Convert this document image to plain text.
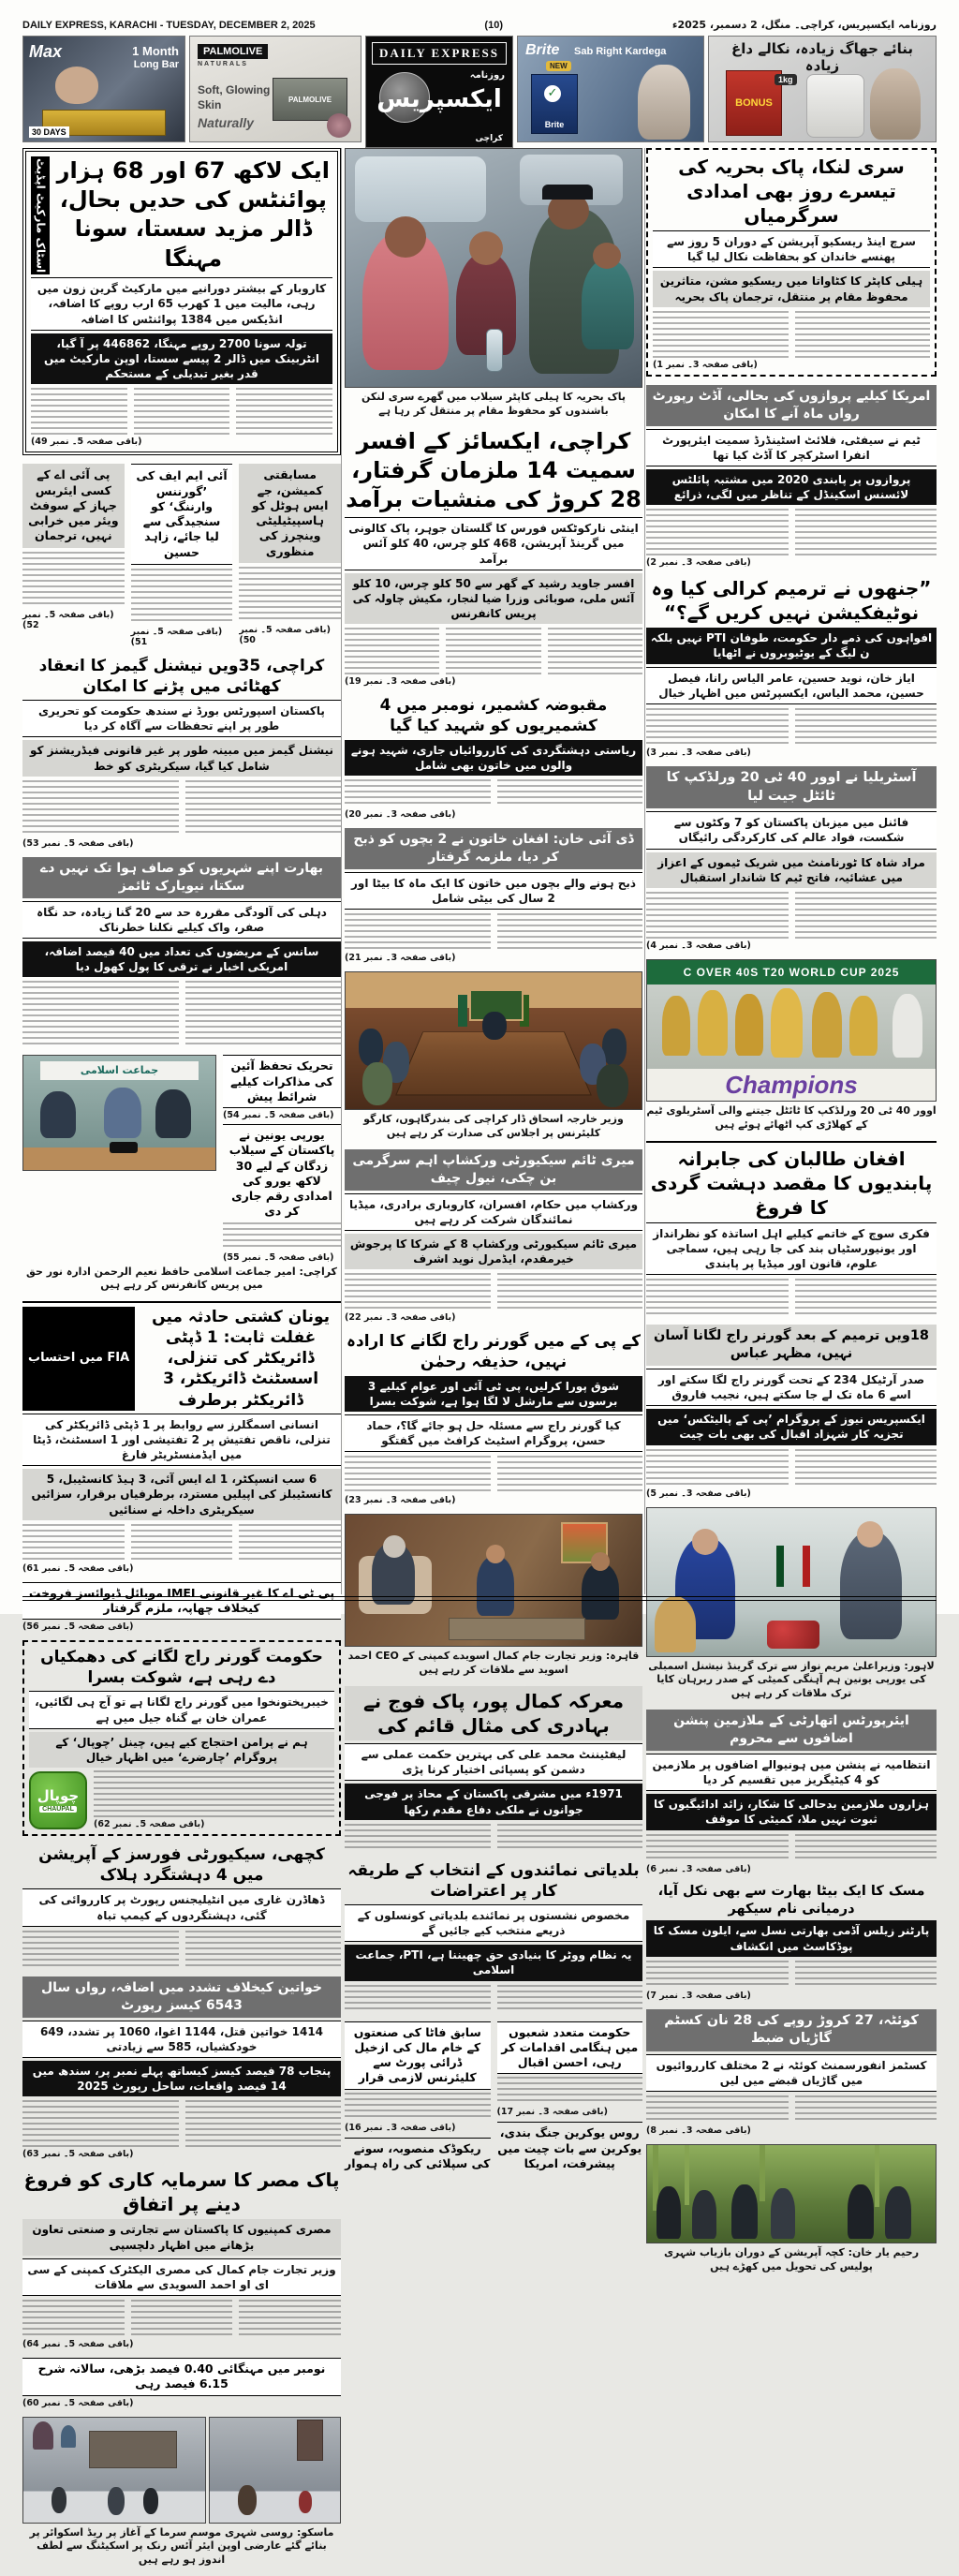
DAILY EXPRESS, KARACHI - TUESDAY, DECEMBER 2, 2025	(10)	روزنامہ ایکسپریس، کراچی۔ منگل، 2 دسمبر، 2025ء
Max	1 Month
Long Bar
30 DAYS
PALMOLIVE
NATURALS
Soft, Glowing
Skin
Naturally
PALMOLIVE
DAILY EXPRESS
روزنامہ
ایکسپریس
کراچی
Brite Sab Right Kardega
NEW
Brite
✓
بنائے جھاگ زیادہ، نکالے داغ زیادہ
BONUS
1kg
اسٹاک مارکیٹ اپڈیٹ ایک لاکھ 67 اور 68 ہزار پوائنٹس کی حدیں بحال، ڈالر مزید سستا، سونا مہنگا
کاروبار کے بیشتر دورانیے میں مارکیٹ گرین زون میں رہی، مالیت میں 1 کھرب 65 ارب روپے کا اضافہ، انڈیکس میں 1384 پوائنٹس کا اضافہ
تولہ سونا 2700 روپے مہنگا، 446862 پر آ گیا، انٹربینک میں ڈالر 2 پیسے سستا، اوپن مارکیٹ میں قدر بغیر تبدیلی کے مستحکم
(باقی صفحہ 5۔ نمبر 49)
پی آئی اے کے کسی ایئربس جہاز کے سوفٹ ویئر میں خرابی نہیں، ترجمان
(باقی صفحہ 5۔ نمبر 52)
آئی ایم ایف کی ’گورننس وارننگ‘ کو سنجیدگی سے لیا جائے، زاہد حسین
(باقی صفحہ 5۔ نمبر 51)
مسابقتی کمیشن، جے ایس ہوٹل کو ہاسپیٹیلیٹی وینچرز کی منظوری
(باقی صفحہ 5۔ نمبر 50)
کراچی، 35ویں نیشنل گیمز کا انعقاد کھٹائی میں پڑنے کا امکان
پاکستان اسپورٹس بورڈ نے سندھ حکومت کو تحریری طور پر اپنے تحفظات سے آگاہ کر دیا
نیشنل گیمز میں مبینہ طور پر غیر قانونی فیڈریشنز کو شامل کیا گیا، سیکریٹری کو خط
(باقی صفحہ 5۔ نمبر 53)
بھارت اپنے شہریوں کو صاف ہوا تک نہیں دے سکتا، نیویارک ٹائمز
دہلی کی آلودگی مقررہ حد سے 20 گنا زیادہ، حد نگاہ صفر، واک کیلیے نکلنا خطرناک
سانس کے مریضوں کی تعداد میں 40 فیصد اضافہ، امریکی اخبار نے ترقی کا پول کھول دیا
جماعت اسلامی	تحریک تحفظ آئین کی مذاکرات کیلیے شرائط پیش
(باقی صفحہ 5۔ نمبر 54)
یورپی یونین نے پاکستان کے سیلاب زدگان کے لیے 30 لاکھ یورو کی امدادی رقم جاری کر دی
(باقی صفحہ 5۔ نمبر 55)
کراچی: امیر جماعت اسلامی حافظ نعیم الرحمن ادارہ نور حق میں پریس کانفرنس کر رہے ہیں
FIA میں احتساب
یونان کشتی حادثہ میں غفلت ثابت: 1 ڈپٹی ڈائریکٹر کی تنزلی، اسسٹنٹ ڈائریکٹر، 3 ڈائریکٹر برطرف
انسانی اسمگلرز سے روابط پر 1 ڈپٹی ڈائریکٹر کی تنزلی، ناقص تفتیش پر 2 تفتیشی اور 1 اسسٹنٹ، ڈیٹا میں ایڈمنسٹریٹر فارغ
6 سب انسپکٹر، 1 اے ایس آئی، 3 ہیڈ کانسٹیبل، 5 کانسٹیبلز کی اپیلیں مسترد، برطرفیاں برقرار، سزائیں سیکریٹری داخلہ نے سنائیں
(باقی صفحہ 5۔ نمبر 61)
پی ٹی اے کا غیر قانونی IMEI موبائل ڈیوائسز فروخت کیخلاف چھاپہ، ملزم گرفتار
(باقی صفحہ 5۔ نمبر 56)
حکومت گورنر راج لگانے کی دھمکیاں دے رہی ہے، شوکت بسرا
خیبرپختونخوا میں گورنر راج لگانا ہے تو آج ہی لگائیں، عمران خان بے گناہ جیل میں ہے
ہم نے پرامن احتجاج کیے ہیں، چینل ’چوپال‘ کے پروگرام ’چارضرے‘ میں اظہار خیال
چوپال
CHAUPAL
(باقی صفحہ 5۔ نمبر 62)
کچھی، سیکیورٹی فورسز کے آپریشن میں 4 دہشتگرد ہلاک
ڈھاڈرن غاری میں انٹیلیجنس رپورٹ پر کارروائی کی گئی، دہشتگردوں کے کیمپ تباہ
خواتین کیخلاف تشدد میں اضافہ، رواں سال 6543 کیسز رپورٹ
1414 خواتین قتل، 1144 اغوا، 1060 پر تشدد، 649 خودکشیاں، 585 سے زیادتی
پنجاب 78 فیصد کیسز کیساتھ پہلے نمبر پر، سندھ میں 14 فیصد واقعات، ساحل رپورٹ 2025
(باقی صفحہ 5۔ نمبر 63)
پاک مصر کا سرمایہ کاری کو فروغ دینے پر اتفاق
مصری کمپنیوں کا پاکستان سے تجارتی و صنعتی تعاون بڑھانے میں اظہار دلچسپی
وزیر تجارت جام کمال کی مصری الیکٹرک کمپنی کے سی ای او احمد السویدی سے ملاقات
(باقی صفحہ 5۔ نمبر 64)
نومبر میں مہنگائی 0.40 فیصد بڑھی، سالانہ شرح 6.15 فیصد رہی
(باقی صفحہ 5۔ نمبر 60)
ماسکو: روسی شہری موسم سرما کے آغاز پر ریڈ اسکوائر پر بنائے گئے عارضی اوپن ایئر آئس رنک پر اسکیٹنگ سے لطف اندوز ہو رہے ہیں
پاک بحریہ کا ہیلی کاپٹر سیلاب میں گھرے سری لنکن باشندوں کو محفوظ مقام پر منتقل کر رہا ہے
کراچی، ایکسائز کے افسر سمیت 14 ملزمان گرفتار، 28 کروڑ کی منشیات برآمد
اینٹی نارکوٹکس فورس کا گلستان جوہر، پاک کالونی میں گرینڈ آپریشن، 468 کلو چرس، 40 کلو آئس برآمد
افسر جاوید رشید کے گھر سے 50 کلو چرس، 10 کلو آئس ملی، صوبائی وزرا ضیا لنجار، مکیش چاولہ کی پریس کانفرنس
(باقی صفحہ 3۔ نمبر 19)
مقبوضہ کشمیر، نومبر میں 4 کشمیریوں کو شہید کیا گیا
ریاستی دہشتگردی کی کارروائیاں جاری، شہید ہونے والوں میں خاتون بھی شامل
(باقی صفحہ 3۔ نمبر 20)
ڈی آئی خان: افغان خاتون نے 2 بچوں کو ذبح کر دیا، ملزمہ گرفتار
ذبح ہونے والے بچوں میں خاتون کا ایک ماہ کا بیٹا اور 2 سال کی بیٹی شامل
(باقی صفحہ 3۔ نمبر 21)
وزیر خارجہ اسحاق ڈار کراچی کی بندرگاہوں، کارگو کلیئرنس پر اجلاس کی صدارت کر رہے ہیں
میری ٹائم سیکیورٹی ورکشاپ اہم سرگرمی بن چکی، نیول چیف
ورکشاپ میں حکام، افسران، کاروباری برادری، میڈیا نمائندگان شرکت کر رہے ہیں
میری ٹائم سیکیورٹی ورکشاپ 8 کے شرکا کا پرجوش خیرمقدم، ایڈمرل نوید اشرف
(باقی صفحہ 3۔ نمبر 22)
کے پی کے میں گورنر راج لگانے کا ارادہ نہیں، حذیفہ رحمٰن
شوق پورا کرلیں، پی ٹی آئی اور عوام کیلیے 3 برسوں سے مارشل لا لگا ہوا ہے، شوکت بسرا
کیا گورنر راج سے مسئلہ حل ہو جائے گا؟، حماد حسن، پروگرام اسٹیٹ کرافٹ میں گفتگو
(باقی صفحہ 3۔ نمبر 23)
قاہرہ: وزیر تجارت جام کمال اسویدے کمپنی کے CEO احمد اسوید سے ملاقات کر رہے ہیں
معرکہ کمال پور، پاک فوج نے بہادری کی مثال قائم کی
لیفٹیننٹ محمد علی کی بہترین حکمت عملی سے دشمن کو پسپائی اختیار کرنا پڑی
1971ء میں مشرقی پاکستان کے محاذ پر فوجی جوانوں نے ملکی دفاع مقدم رکھا
بلدیاتی نمائندوں کے انتخاب کے طریقہ کار پر اعتراضات
مخصوص نشستوں پر نمائندے بلدیاتی کونسلوں کے ذریعے منتخب کیے جائیں گے
یہ نظام ووٹر کا بنیادی حق چھیننا ہے، PTI، جماعت اسلامی
سابق فاٹا کی صنعتوں کے خام مال کی ازخیل ڈرائی پورٹ سے کلیئرنس لازمی قرار
(باقی صفحہ 3۔ نمبر 16)
ریکوڈک منصوبہ، سونے کی سپلائی کی راہ ہموار
حکومت متعدد شعبوں میں ہنگامی اقدامات کر رہی، احسن اقبال
(باقی صفحہ 3۔ نمبر 17)
روس یوکرین جنگ بندی، یوکرین سے بات چیت میں پیشرفت، امریکا
سری لنکا، پاک بحریہ کی تیسرے روز بھی امدادی سرگرمیاں
سرچ اینڈ ریسکیو آپریشن کے دوران 5 روز سے پھنسے خاندان کو بحفاظت نکال لیا گیا
ہیلی کاپٹر کا کٹاواتا میں ریسکیو مشن، متاثرین محفوظ مقام پر منتقل، ترجمان پاک بحریہ
(باقی صفحہ 3۔ نمبر 1)
امریکا کیلیے پروازوں کی بحالی، آڈٹ رپورٹ رواں ماہ آنے کا امکان
ٹیم نے سیفٹی، فلائٹ اسٹینڈرڈ سمیت ایئرپورٹ انفرا اسٹرکچر کا آڈٹ کیا تھا
پروازوں پر پابندی 2020 میں مشتبہ پائلٹس لائسنس اسکینڈل کے تناظر میں لگی، ذرائع
(باقی صفحہ 3۔ نمبر 2)
”جنھوں نے ترمیم کرالی کیا وہ نوٹیفکیشن نہیں کریں گے؟“
افواہوں کی ذمے دار حکومت، طوفان PTI نہیں بلکہ ن لیگ کے یوٹیوبروں نے اٹھایا
ایاز خان، نوید حسین، عامر الیاس رانا، فیصل حسین، محمد الیاس، ایکسپرٹس میں اظہار خیال
(باقی صفحہ 3۔ نمبر 3)
آسٹریلیا نے اوور 40 ٹی 20 ورلڈکپ کا ٹائٹل جیت لیا
فائنل میں میزبان پاکستان کو 7 وکٹوں سے شکست، فواد عالم کی کارکردگی رائیگاں
مراد شاہ کا ٹورنامنٹ میں شریک ٹیموں کے اعزاز میں عشائیہ، فاتح ٹیم کا شاندار استقبال
(باقی صفحہ 3۔ نمبر 4)
C OVER 40S T20 WORLD CUP 2025
Champions
اوور 40 ٹی 20 ورلڈکپ کا ٹائٹل جیتنے والی آسٹریلوی ٹیم کے کھلاڑی کپ اٹھائے ہوئے ہیں
افغان طالبان کی جابرانہ پابندیوں کا مقصد دہشت گردی کا فروغ
فکری سوچ کے خاتمے کیلیے اہل اساتذہ کو نظرانداز اور یونیورسٹیاں بند کی جا رہی ہیں، سماجی علوم، قانون اور میڈیا پر پابندی
18ویں ترمیم کے بعد گورنر راج لگانا آسان نہیں، مظہر عباس
صدر آرٹیکل 234 کے تحت گورنر راج لگا سکتے اور اسے 6 ماہ تک لے جا سکتے ہیں، نجیب فاروق
ایکسپریس نیوز کے پروگرام ’پی کے پالیٹکس‘ میں تجزیہ کار شہزاد اقبال کی بھی بات چیت
(باقی صفحہ 3۔ نمبر 5)
لاہور: وزیراعلیٰ مریم نواز سے ترک گرینڈ نیشنل اسمبلی کی یورپی یونین ہم آہنگی کمیٹی کے صدر ربرہان کایا ترک ملاقات کر رہے ہیں
ایئرپورٹس اتھارٹی کے ملازمین پنشن اضافوں سے محروم
انتظامیہ نے پنشن میں ہونیوالے اضافوں پر ملازمین کو 4 کیٹیگریز میں تقسیم کر دیا
ہزاروں ملازمین بدحالی کا شکار، زائد ادائیگیوں کا ثبوت نہیں ملا، کمیٹی کا موقف
(باقی صفحہ 3۔ نمبر 6)
مسک کا ایک بیٹا بھارت سے بھی نکل آیا، درمیانی نام سیکھر
پارٹنر زیلس آڈمی بھارتی نسل سے، ایلون مسک کا پوڈکاسٹ میں انکشاف
(باقی صفحہ 3۔ نمبر 7)
کوئٹہ، 27 کروڑ روپے کی 28 نان کسٹم گاڑیاں ضبط
کسٹمز انفورسمنٹ کوئٹہ نے 2 مختلف کارروائیوں میں گاڑیاں قبضے میں لیں
(باقی صفحہ 3۔ نمبر 8)
رحیم یار خان: کچہ آپریشن کے دوران بازیاب شہری پولیس کی تحویل میں کھڑے ہیں
